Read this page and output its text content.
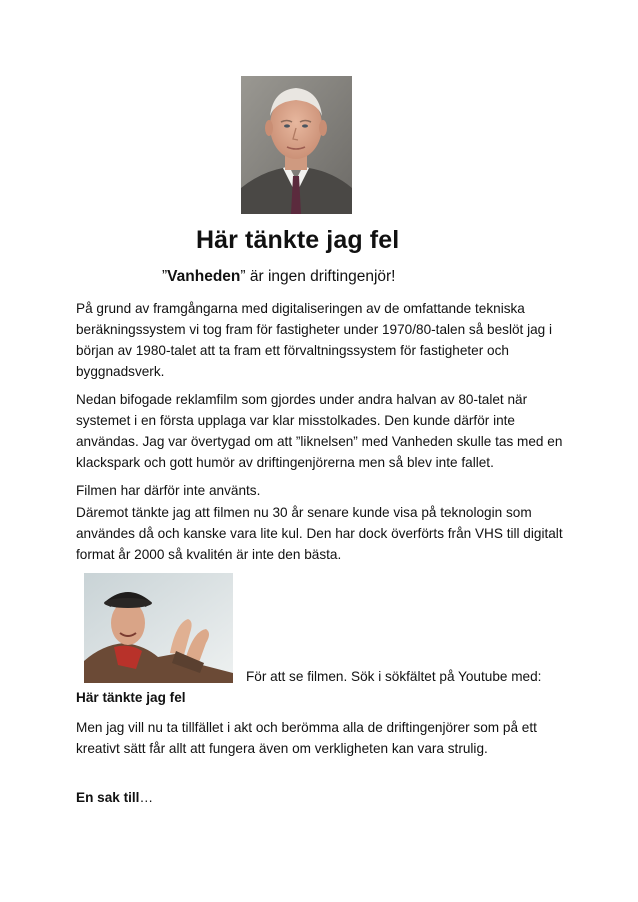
Här tänkte jag fel
”Vanheden” är ingen driftingenjör!

På grund av framgångarna med digitaliseringen av de omfattande tekniska beräkningssystem vi tog fram för fastigheter under 1970/80-talen så beslöt jag i början av 1980-talet att ta fram ett förvaltningssystem för fastigheter och byggnadsverk.

Nedan bifogade reklamfilm som gjordes under andra halvan av 80-talet när systemet i en första upplaga var klar misstolkades. Den kunde därför inte användas. Jag var övertygad om att ”liknelsen” med Vanheden skulle tas med en klackspark och gott humör av driftingenjörerna men så blev inte fallet.

Filmen har därför inte använts.

Däremot tänkte jag att filmen nu 30 år senare kunde visa på teknologin som användes då och kanske vara lite kul. Den har dock överförts från VHS till digitalt format år 2000 så kvalitén är inte den bästa.

För att se filmen. Sök i sökfältet på Youtube med:
Här tänkte jag fel

Men jag vill nu ta tillfället i akt och berömma alla de driftingenjörer som på ett kreativt sätt får allt att fungera även om verkligheten kan vara strulig.

En sak till…
